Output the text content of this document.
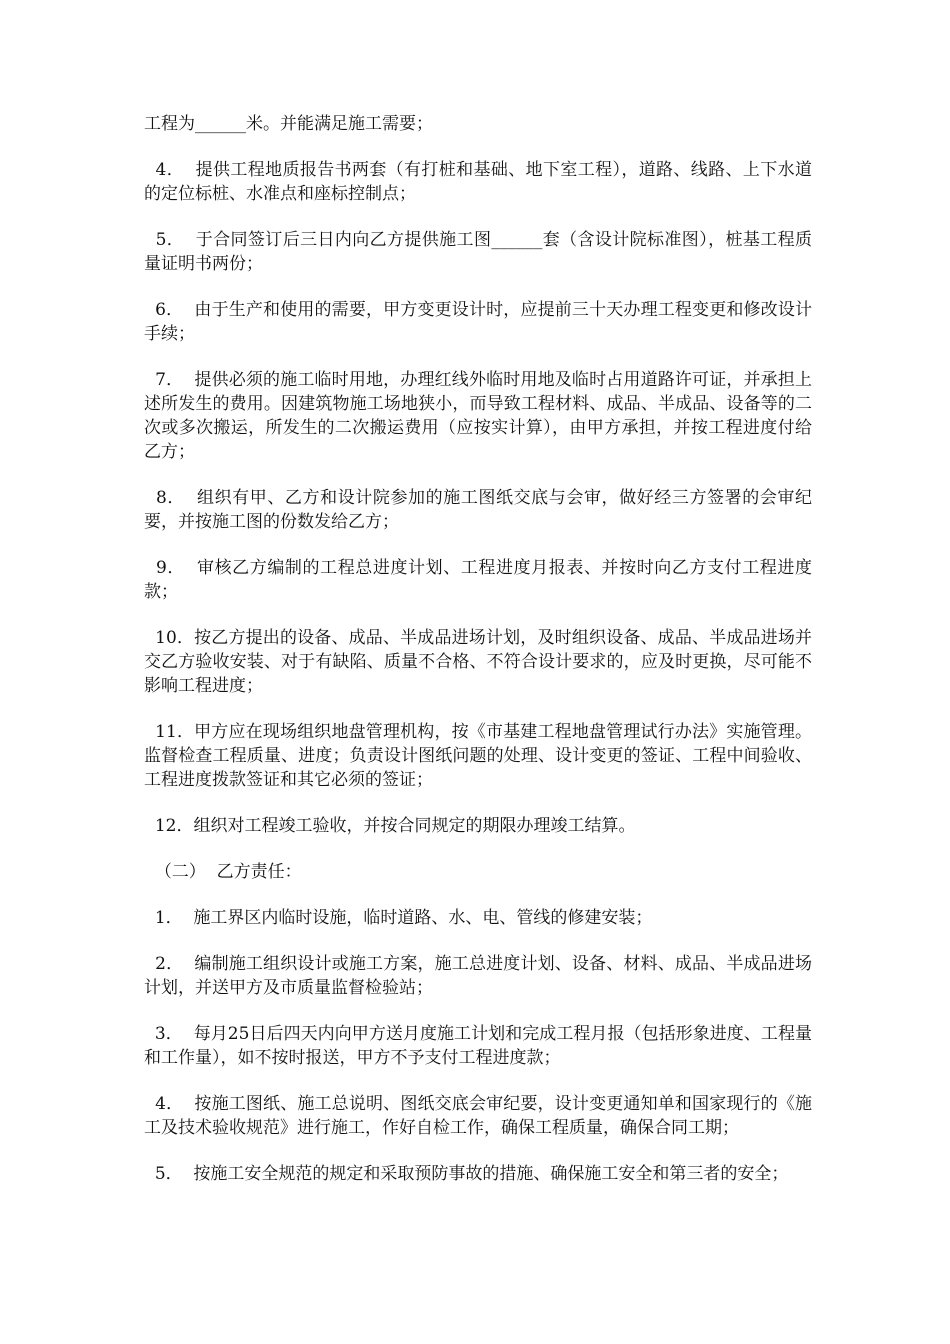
工程为______米。并能满足施工需要；

4．  提供工程地质报告书两套（有打桩和基础、地下室工程），道路、线路、上下水道的定位标桩、水准点和座标控制点；

5．  于合同签订后三日内向乙方提供施工图______套（含设计院标准图），桩基工程质量证明书两份；

6．  由于生产和使用的需要，甲方变更设计时，应提前三十天办理工程变更和修改设计手续；

7．  提供必须的施工临时用地，办理红线外临时用地及临时占用道路许可证，并承担上述所发生的费用。因建筑物施工场地狭小，而导致工程材料、成品、半成品、设备等的二次或多次搬运，所发生的二次搬运费用（应按实计算），由甲方承担，并按工程进度付给乙方；

8．  组织有甲、乙方和设计院参加的施工图纸交底与会审，做好经三方签署的会审纪要，并按施工图的份数发给乙方；

9．  审核乙方编制的工程总进度计划、工程进度月报表、并按时向乙方支付工程进度款；

10．按乙方提出的设备、成品、半成品进场计划，及时组织设备、成品、半成品进场并交乙方验收安装、对于有缺陷、质量不合格、不符合设计要求的，应及时更换，尽可能不影响工程进度；

11．甲方应在现场组织地盘管理机构，按《市基建工程地盘管理试行办法》实施管理。监督检查工程质量、进度；负责设计图纸问题的处理、设计变更的签证、工程中间验收、工程进度拨款签证和其它必须的签证；

12．组织对工程竣工验收，并按合同规定的期限办理竣工结算。

（二）  乙方责任：

1．  施工界区内临时设施，临时道路、水、电、管线的修建安装；

2．  编制施工组织设计或施工方案，施工总进度计划、设备、材料、成品、半成品进场计划，并送甲方及市质量监督检验站；

3．  每月25日后四天内向甲方送月度施工计划和完成工程月报（包括形象进度、工程量和工作量），如不按时报送，甲方不予支付工程进度款；

4．  按施工图纸、施工总说明、图纸交底会审纪要，设计变更通知单和国家现行的《施工及技术验收规范》进行施工，作好自检工作，确保工程质量，确保合同工期；

5．  按施工安全规范的规定和采取预防事故的措施、确保施工安全和第三者的安全；
